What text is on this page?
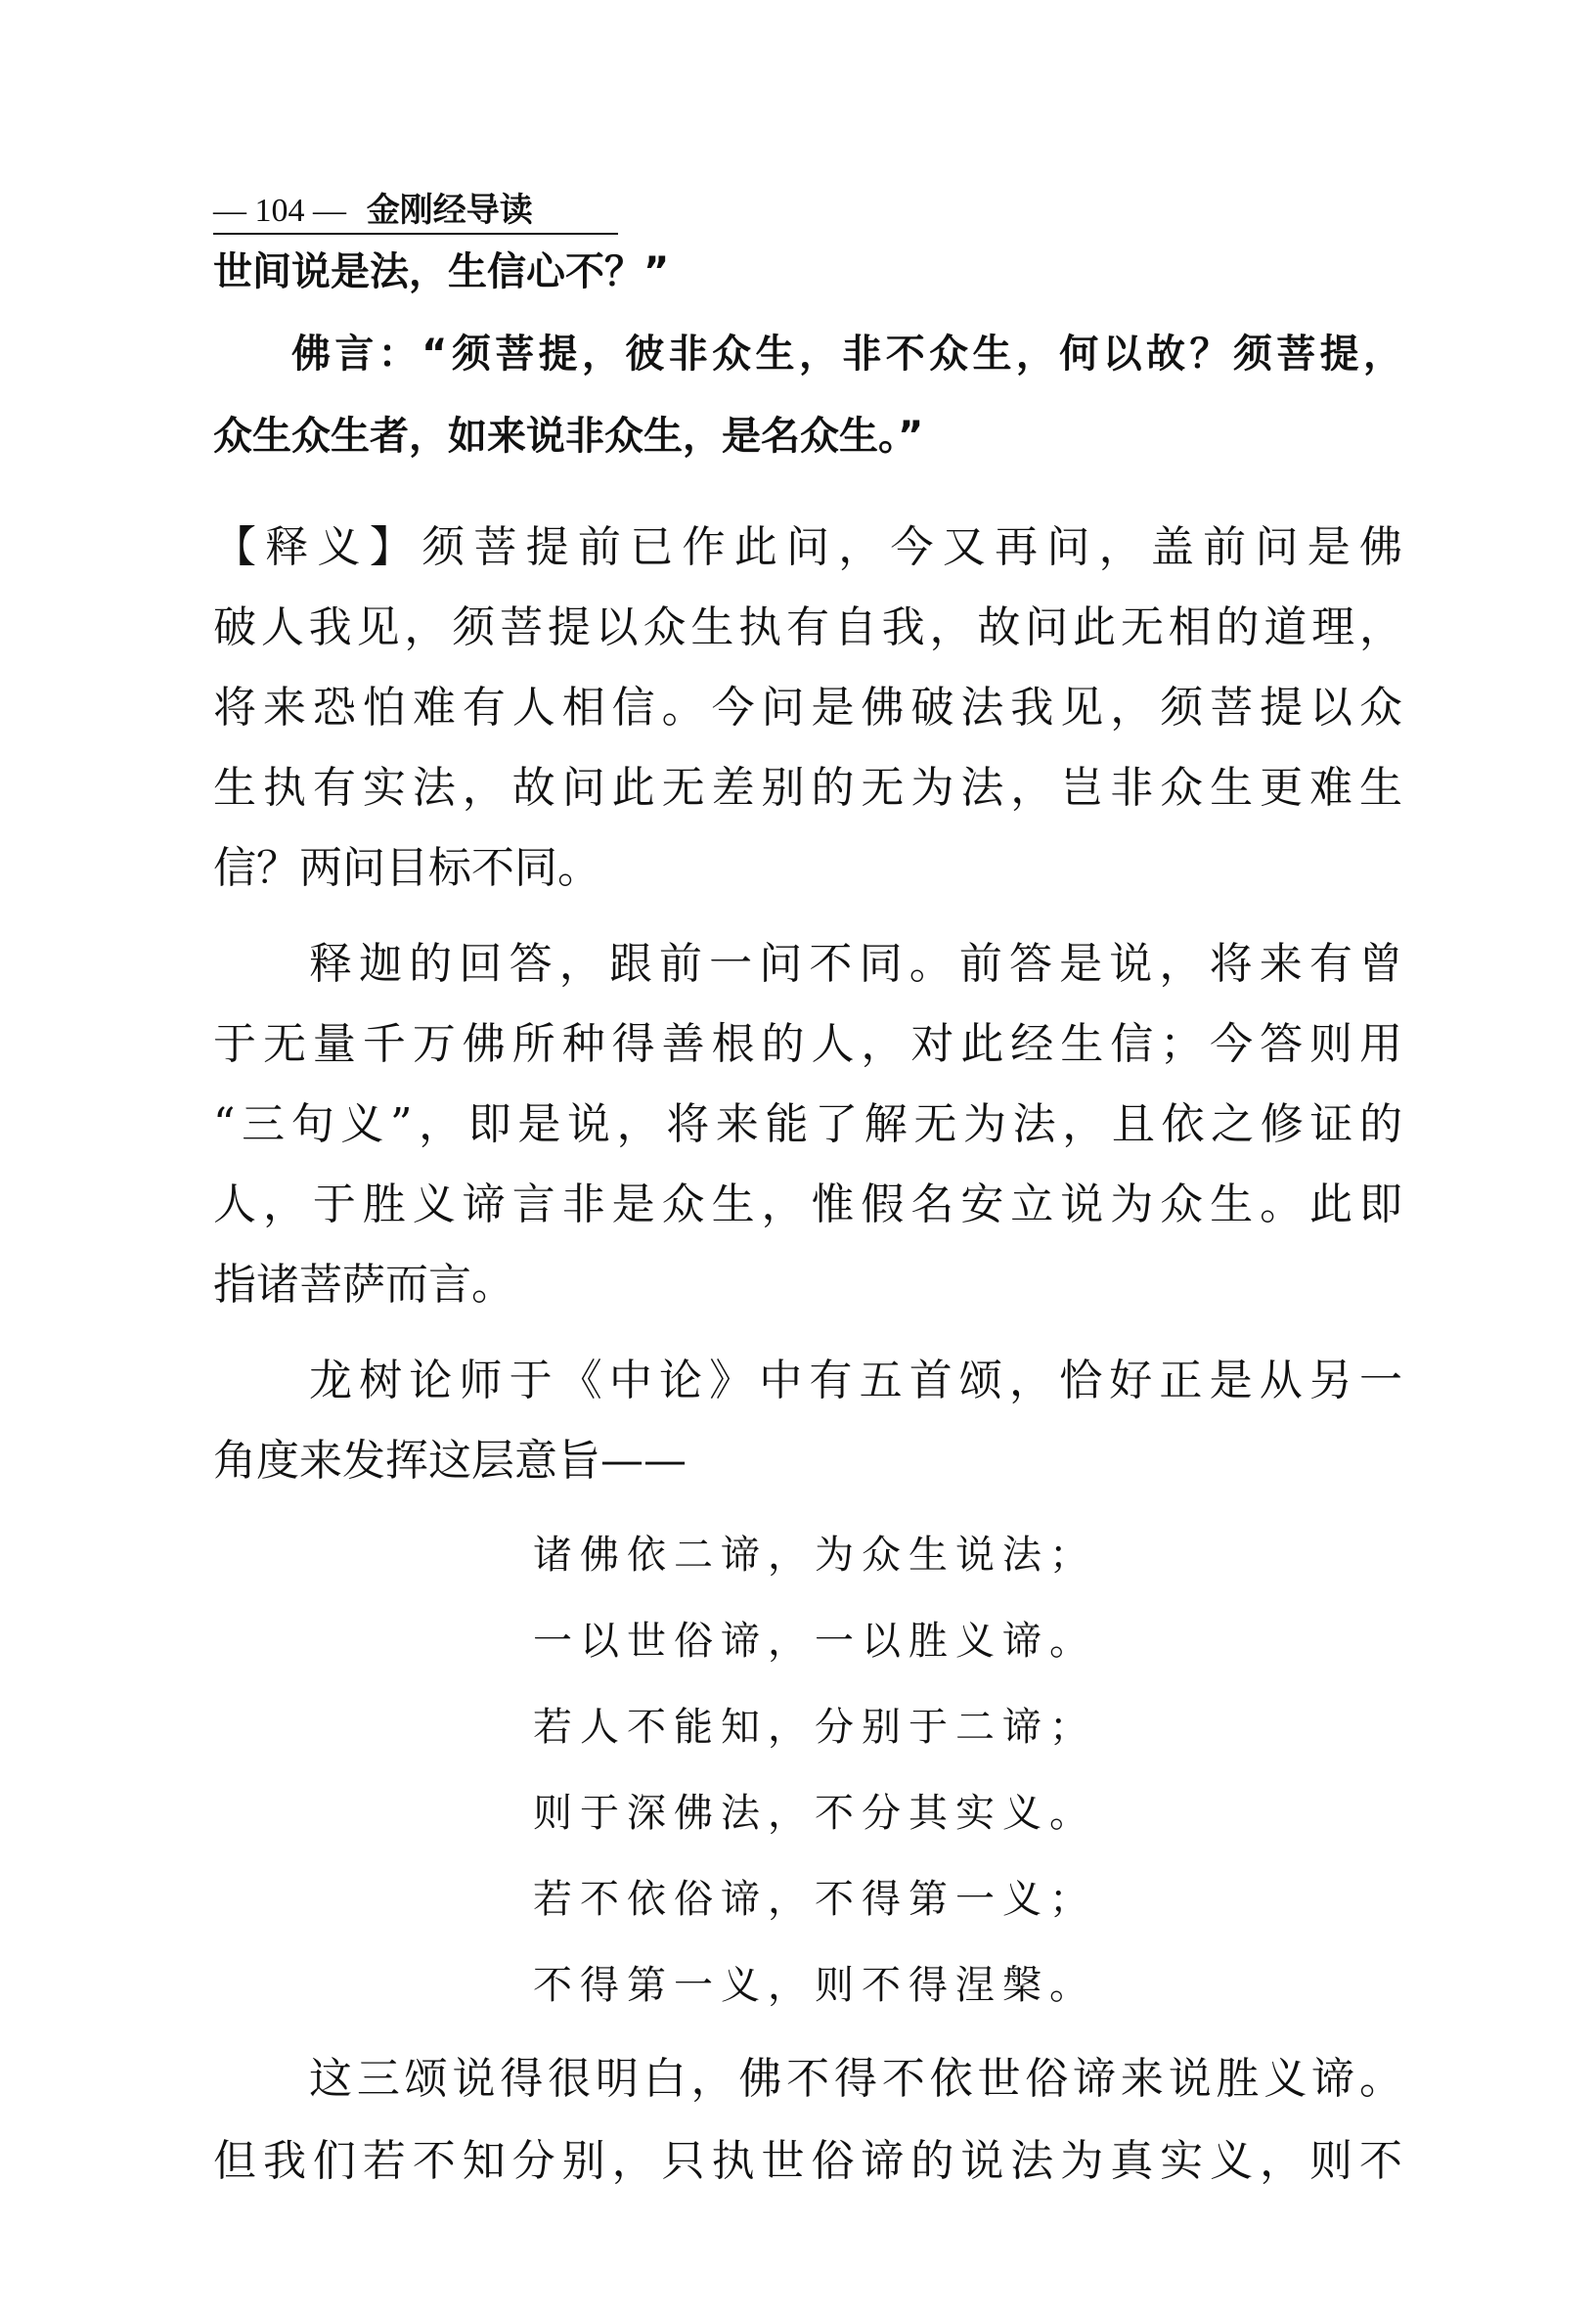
— 104 — 金刚经导读
世间说是法，生信心不？”
佛言：“须菩提，彼非众生，非不众生，何以故？须菩提，
众生众生者，如来说非众生，是名众生。”
【释义】须菩提前已作此问，今又再问，盖前问是佛
破人我见，须菩提以众生执有自我，故问此无相的道理，
将来恐怕难有人相信。今问是佛破法我见，须菩提以众
生执有实法，故问此无差别的无为法，岂非众生更难生
信？两问目标不同。
释迦的回答，跟前一问不同。前答是说，将来有曾
于无量千万佛所种得善根的人，对此经生信；今答则用
“三句义”，即是说，将来能了解无为法，且依之修证的
人，于胜义谛言非是众生，惟假名安立说为众生。此即
指诸菩萨而言。
龙树论师于《中论》中有五首颂，恰好正是从另一
角度来发挥这层意旨——
诸佛依二谛，为众生说法；
一以世俗谛，一以胜义谛。
若人不能知，分别于二谛；
则于深佛法，不分其实义。
若不依俗谛，不得第一义；
不得第一义，则不得涅槃。
这三颂说得很明白，佛不得不依世俗谛来说胜义谛。
但我们若不知分别，只执世俗谛的说法为真实义，则不
